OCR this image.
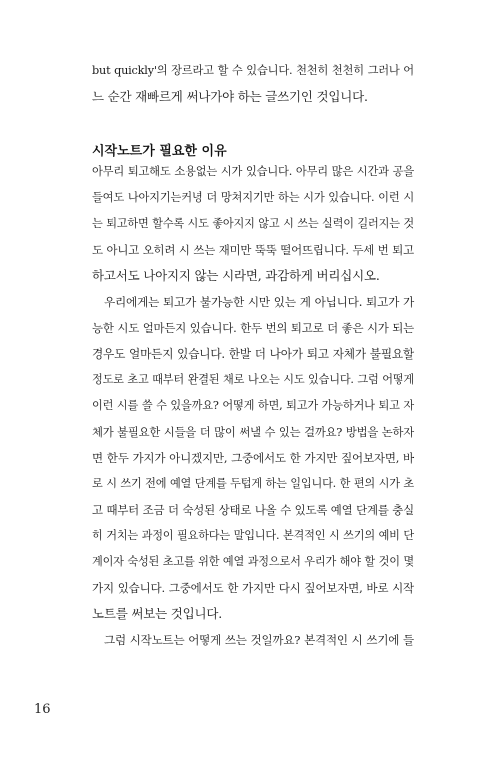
but quickly'의 장르라고 할 수 있습니다. 천천히 천천히 그러나 어
느 순간 재빠르게 써나가야 하는 글쓰기인 것입니다.
시작노트가 필요한 이유
아무리 퇴고해도 소용없는 시가 있습니다. 아무리 많은 시간과 공을
들여도 나아지기는커녕 더 망쳐지기만 하는 시가 있습니다. 이런 시
는 퇴고하면 할수록 시도 좋아지지 않고 시 쓰는 실력이 길러지는 것
도 아니고 오히려 시 쓰는 재미만 뚝뚝 떨어뜨립니다. 두세 번 퇴고
하고서도 나아지지 않는 시라면, 과감하게 버리십시오.
우리에게는 퇴고가 불가능한 시만 있는 게 아닙니다. 퇴고가 가
능한 시도 얼마든지 있습니다. 한두 번의 퇴고로 더 좋은 시가 되는
경우도 얼마든지 있습니다. 한발 더 나아가 퇴고 자체가 불필요할
정도로 초고 때부터 완결된 채로 나오는 시도 있습니다. 그럼 어떻게
이런 시를 쓸 수 있을까요? 어떻게 하면, 퇴고가 가능하거나 퇴고 자
체가 불필요한 시들을 더 많이 써낼 수 있는 걸까요? 방법을 논하자
면 한두 가지가 아니겠지만, 그중에서도 한 가지만 짚어보자면, 바
로 시 쓰기 전에 예열 단계를 두텁게 하는 일입니다. 한 편의 시가 초
고 때부터 조금 더 숙성된 상태로 나올 수 있도록 예열 단계를 충실
히 거치는 과정이 필요하다는 말입니다. 본격적인 시 쓰기의 예비 단
계이자 숙성된 초고를 위한 예열 과정으로서 우리가 해야 할 것이 몇
가지 있습니다. 그중에서도 한 가지만 다시 짚어보자면, 바로 시작
노트를 써보는 것입니다.
그럼 시작노트는 어떻게 쓰는 것일까요? 본격적인 시 쓰기에 들
16
